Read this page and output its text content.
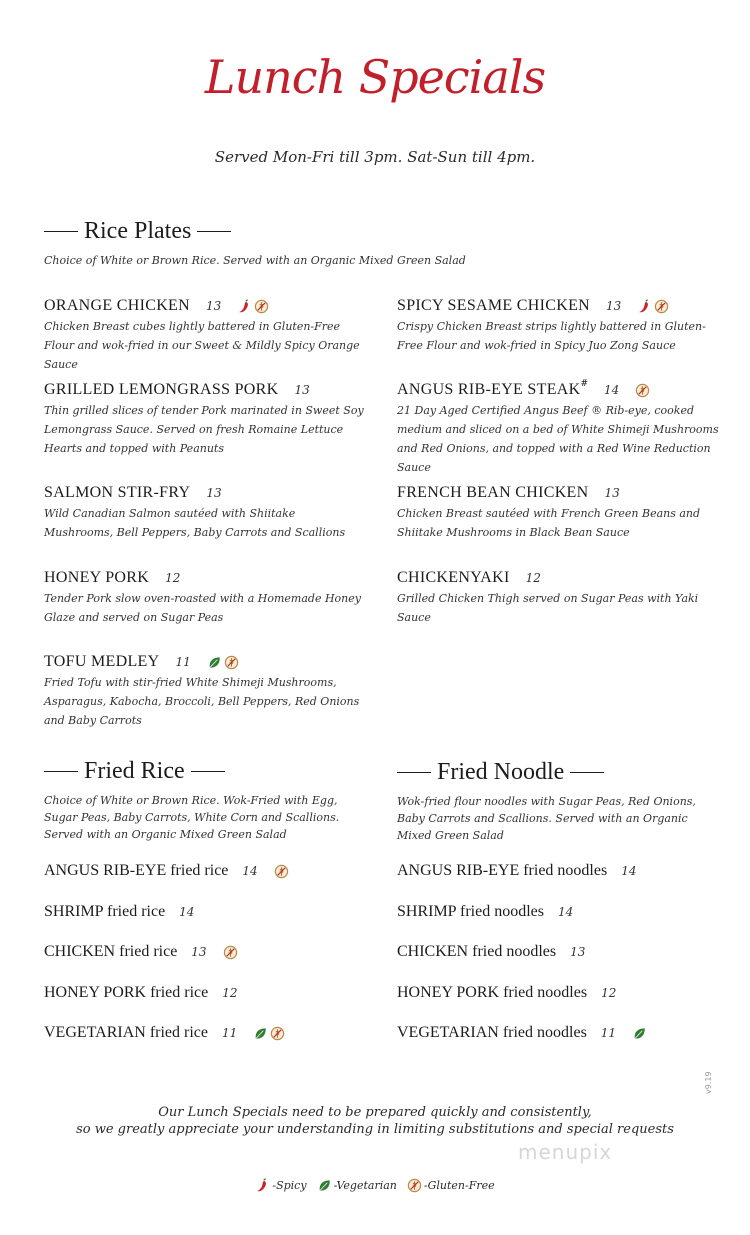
Lunch Specials
Served Mon-Fri till 3pm. Sat-Sun till 4pm.
Rice Plates
Choice of White or Brown Rice. Served with an Organic Mixed Green Salad
ORANGE CHICKEN 13
Chicken Breast cubes lightly battered in Gluten-Free Flour and wok-fried in our Sweet & Mildly Spicy Orange Sauce
SPICY SESAME CHICKEN 13
Crispy Chicken Breast strips lightly battered in Gluten-Free Flour and wok-fried in Spicy Juo Zong Sauce
GRILLED LEMONGRASS PORK 13
Thin grilled slices of tender Pork marinated in Sweet Soy Lemongrass Sauce. Served on fresh Romaine Lettuce Hearts and topped with Peanuts
ANGUS RIB-EYE STEAK# 14
21 Day Aged Certified Angus Beef ® Rib-eye, cooked medium and sliced on a bed of White Shimeji Mushrooms and Red Onions, and topped with a Red Wine Reduction Sauce
SALMON STIR-FRY 13
Wild Canadian Salmon sautéed with Shiitake Mushrooms, Bell Peppers, Baby Carrots and Scallions
FRENCH BEAN CHICKEN 13
Chicken Breast sautéed with French Green Beans and Shiitake Mushrooms in Black Bean Sauce
HONEY PORK 12
Tender Pork slow oven-roasted with a Homemade Honey Glaze and served on Sugar Peas
CHICKENYAKI 12
Grilled Chicken Thigh served on Sugar Peas with Yaki Sauce
TOFU MEDLEY 11
Fried Tofu with stir-fried White Shimeji Mushrooms, Asparagus, Kabocha, Broccoli, Bell Peppers, Red Onions and Baby Carrots
Fried Rice
Choice of White or Brown Rice. Wok-Fried with Egg, Sugar Peas, Baby Carrots, White Corn and Scallions. Served with an Organic Mixed Green Salad
Fried Noodle
Wok-fried flour noodles with Sugar Peas, Red Onions, Baby Carrots and Scallions. Served with an Organic Mixed Green Salad
ANGUS RIB-EYE fried rice 14
SHRIMP fried rice 14
CHICKEN fried rice 13
HONEY PORK fried rice 12
VEGETARIAN fried rice 11
ANGUS RIB-EYE fried noodles 14
SHRIMP fried noodles 14
CHICKEN fried noodles 13
HONEY PORK fried noodles 12
VEGETARIAN fried noodles 11
Our Lunch Specials need to be prepared quickly and consistently,
so we greatly appreciate your understanding in limiting substitutions and special requests
-Spicy -Vegetarian -Gluten-Free
v9.19
menupix
